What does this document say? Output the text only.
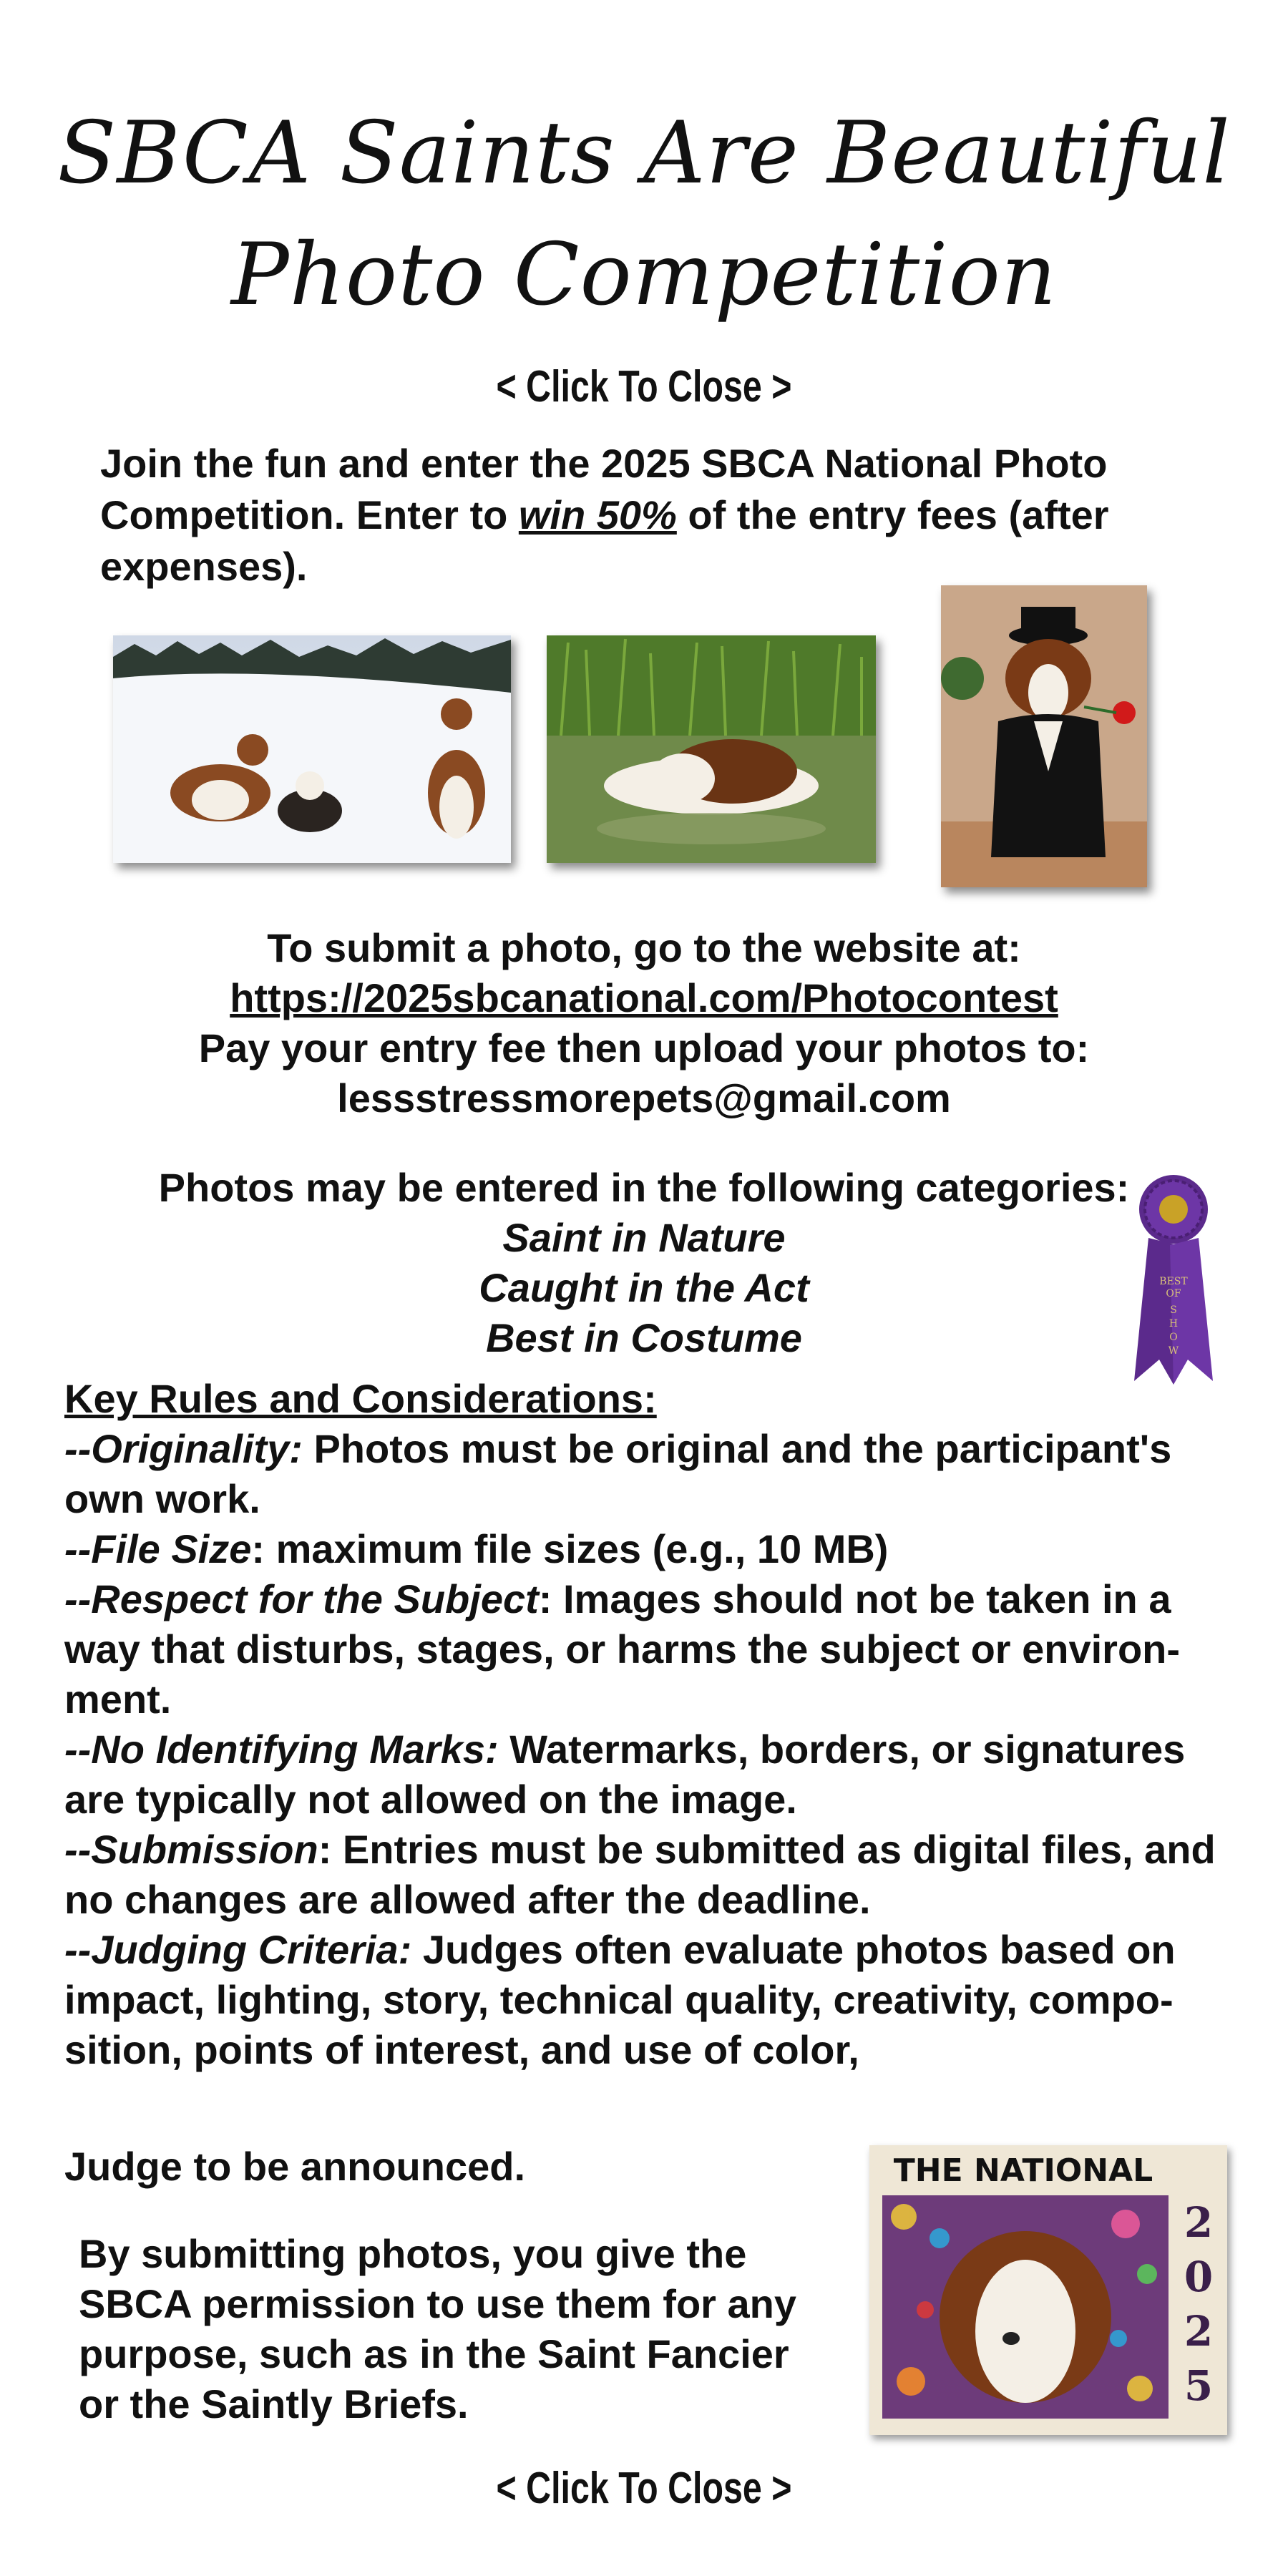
SBCA Saints Are Beautiful
Photo Competition
< Click To Close >
Join the fun and enter the 2025 SBCA National Photo Competition. Enter to win 50% of the entry fees (after expenses).
To submit a photo, go to the website at:
https://2025sbcanational.com/Photocontest
Pay your entry fee then upload your photos to:
lessstressmorepets@gmail.com
Photos may be entered in the following categories:
Saint in Nature
Caught in the Act
Best in Costume
BEST
OF
S
H
O
W
Key Rules and Considerations:
--Originality: Photos must be original and the participant's own work.
--File Size: maximum file sizes (e.g., 10 MB)
--Respect for the Subject: Images should not be taken in a way that disturbs, stages, or harms the subject or environ-ment.
--No Identifying Marks: Watermarks, borders, or signatures are typically not allowed on the image.
--Submission: Entries must be submitted as digital files, and no changes are allowed after the deadline.
--Judging Criteria: Judges often evaluate photos based on impact, lighting, story, technical quality, creativity, compo-sition, points of interest, and use of color,
Judge to be announced.
By submitting photos, you give the SBCA permission to use them for any purpose, such as in the Saint Fancier or the Saintly Briefs.
THE NATIONAL
2
0
2
5
< Click To Close >
